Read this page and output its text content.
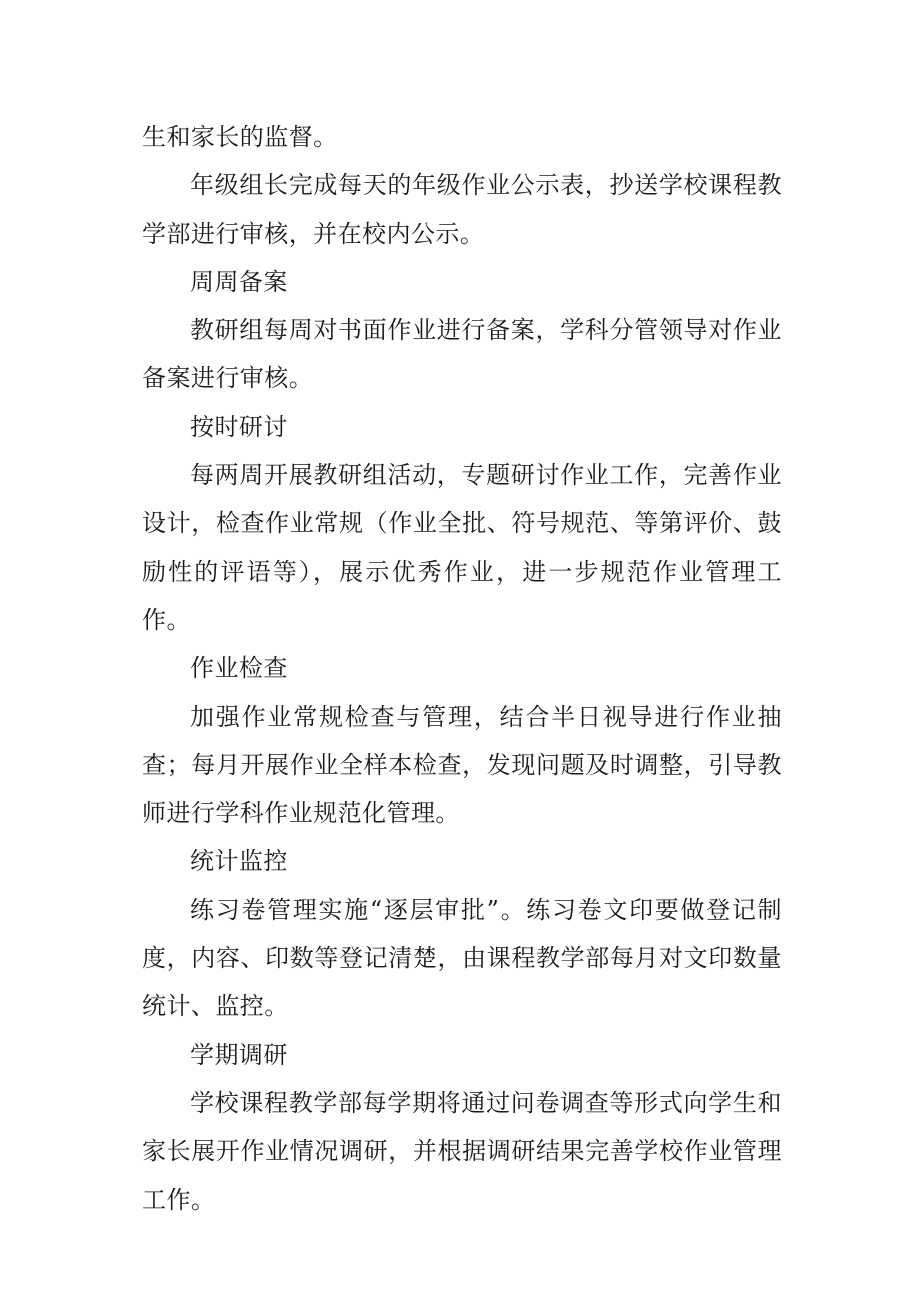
生和家长的监督。

年级组长完成每天的年级作业公示表，抄送学校课程教学部进行审核，并在校内公示。

周周备案

教研组每周对书面作业进行备案，学科分管领导对作业备案进行审核。

按时研讨

每两周开展教研组活动，专题研讨作业工作，完善作业设计，检查作业常规（作业全批、符号规范、等第评价、鼓励性的评语等），展示优秀作业，进一步规范作业管理工作。

作业检查

加强作业常规检查与管理，结合半日视导进行作业抽查；每月开展作业全样本检查，发现问题及时调整，引导教师进行学科作业规范化管理。

统计监控

练习卷管理实施“逐层审批”。练习卷文印要做登记制度，内容、印数等登记清楚，由课程教学部每月对文印数量统计、监控。

学期调研

学校课程教学部每学期将通过问卷调查等形式向学生和家长展开作业情况调研，并根据调研结果完善学校作业管理工作。
